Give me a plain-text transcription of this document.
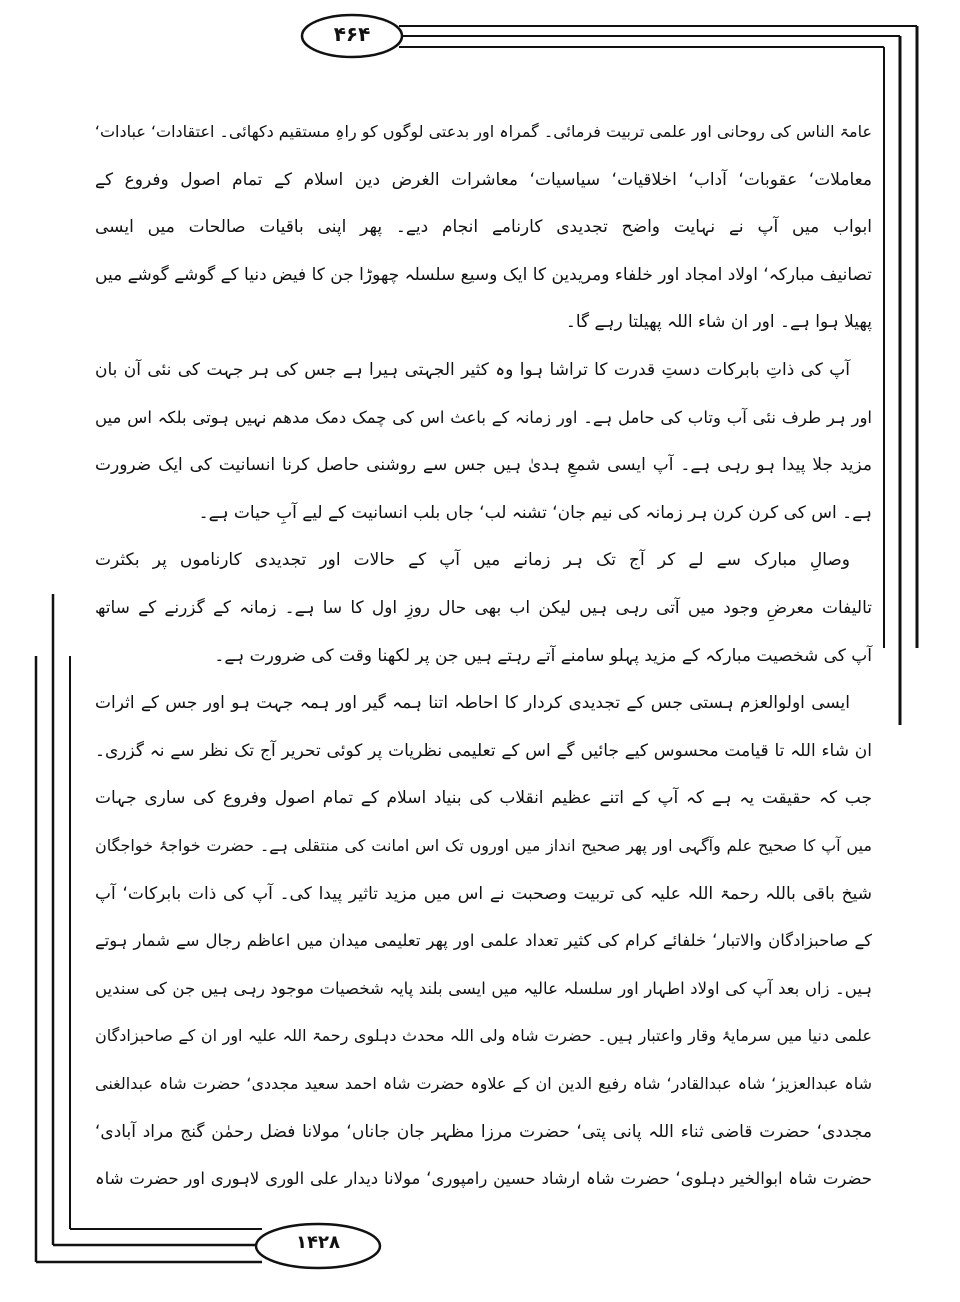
۴۶۴
۱۴۲۸
عامۃ الناس کی روحانی اور علمی تربیت فرمائی۔ گمراہ اور بدعتی لوگوں کو راہِ مستقیم دکھائی۔ اعتقادات‘ عبادات‘
معاملات‘ عقوبات‘ آداب‘ اخلاقیات‘ سیاسیات‘ معاشرات الغرض دین اسلام کے تمام اصول وفروع کے
ابواب میں آپ نے نہایت واضح تجدیدی کارنامے انجام دیے۔ پھر اپنی باقیات صالحات میں ایسی
تصانیف مبارکہ‘ اولاد امجاد اور خلفاء ومریدین کا ایک وسیع سلسلہ چھوڑا جن کا فیض دنیا کے گوشے گوشے میں
پھیلا ہوا ہے۔ اور ان شاء اللہ پھیلتا رہے گا۔
آپ کی ذاتِ بابرکات دستِ قدرت کا تراشا ہوا وہ کثیر الجہتی ہیرا ہے جس کی ہر جہت کی نئی آن بان
اور ہر طرف نئی آب وتاب کی حامل ہے۔ اور زمانہ کے باعث اس کی چمک دمک مدھم نہیں ہوتی بلکہ اس میں
مزید جلا پیدا ہو رہی ہے۔ آپ ایسی شمعِ ہدیٰ ہیں جس سے روشنی حاصل کرنا انسانیت کی ایک ضرورت
ہے۔ اس کی کرن کرن ہر زمانہ کی نیم جان‘ تشنہ لب‘ جاں بلب انسانیت کے لیے آبِ حیات ہے۔
وصالِ مبارک سے لے کر آج تک ہر زمانے میں آپ کے حالات اور تجدیدی کارناموں پر بکثرت
تالیفات معرضِ وجود میں آتی رہی ہیں لیکن اب بھی حال روزِ اول کا سا ہے۔ زمانہ کے گزرنے کے ساتھ
آپ کی شخصیت مبارکہ کے مزید پہلو سامنے آتے رہتے ہیں جن پر لکھنا وقت کی ضرورت ہے۔
ایسی اولوالعزم ہستی جس کے تجدیدی کردار کا احاطہ اتنا ہمہ گیر اور ہمہ جہت ہو اور جس کے اثرات
ان شاء اللہ تا قیامت محسوس کیے جائیں گے اس کے تعلیمی نظریات پر کوئی تحریر آج تک نظر سے نہ گزری۔
جب کہ حقیقت یہ ہے کہ آپ کے اتنے عظیم انقلاب کی بنیاد اسلام کے تمام اصول وفروع کی ساری جہات
میں آپ کا صحیح علم وآگہی اور پھر صحیح انداز میں اوروں تک اس امانت کی منتقلی ہے۔ حضرت خواجۂ خواجگان
شیخ باقی باللہ رحمۃ اللہ علیہ کی تربیت وصحبت نے اس میں مزید تاثیر پیدا کی۔ آپ کی ذات بابرکات‘ آپ
کے صاحبزادگان والاتبار‘ خلفائے کرام کی کثیر تعداد علمی اور پھر تعلیمی میدان میں اعاظم رجال سے شمار ہوتے
ہیں۔ زاں بعد آپ کی اولاد اطہار اور سلسلہ عالیہ میں ایسی بلند پایہ شخصیات موجود رہی ہیں جن کی سندیں
علمی دنیا میں سرمایۂ وقار واعتبار ہیں۔ حضرت شاہ ولی اللہ محدث دہلوی رحمۃ اللہ علیہ اور ان کے صاحبزادگان
شاہ عبدالعزیز‘ شاہ عبدالقادر‘ شاہ رفیع الدین ان کے علاوہ حضرت شاہ احمد سعید مجددی‘ حضرت شاہ عبدالغنی
مجددی‘ حضرت قاضی ثناء اللہ پانی پتی‘ حضرت مرزا مظہر جان جاناں‘ مولانا فضل رحمٰن گنج مراد آبادی‘
حضرت شاہ ابوالخیر دہلوی‘ حضرت شاہ ارشاد حسین رامپوری‘ مولانا دیدار علی الوری لاہوری اور حضرت شاہ
